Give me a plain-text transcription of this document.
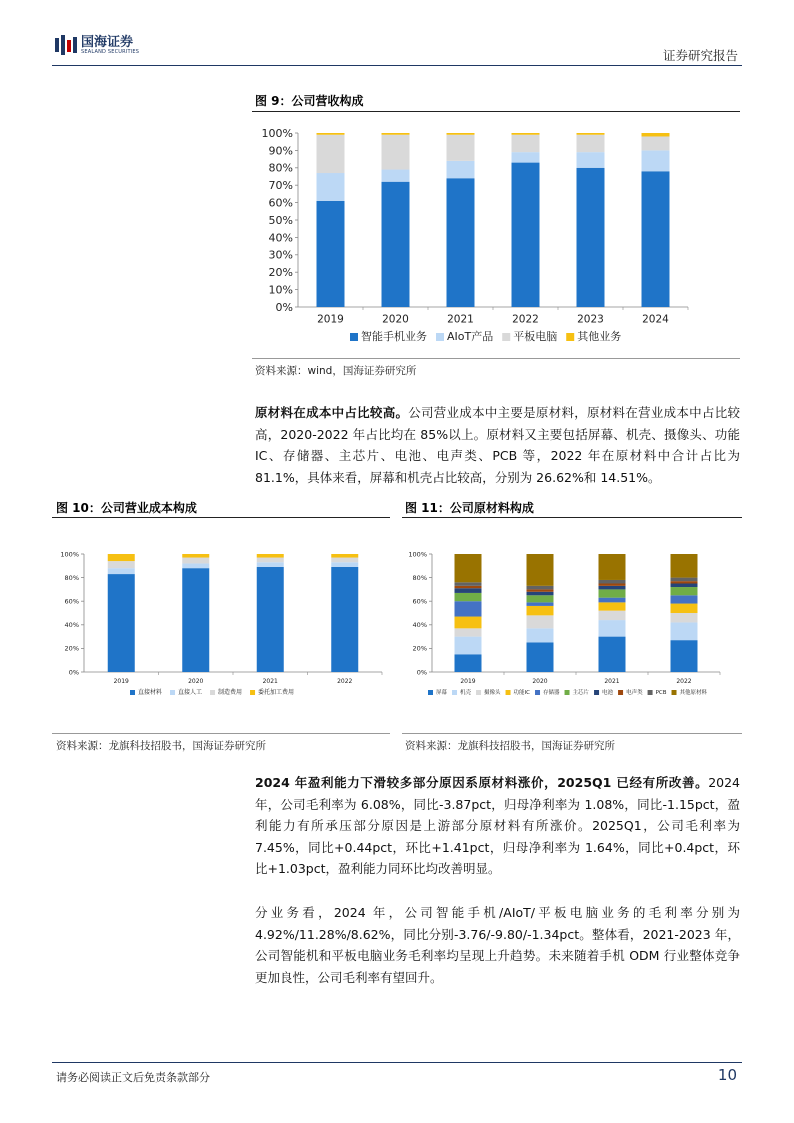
国海证券
SEALAND SECURITIES	证券研究报告
图 9：公司营收构成
0%
10%
20%
30%
40%
50%
60%
70%
80%
90%
100%
2019	2020	2021	2022	2023	2024
智能手机业务 AIoT产品 平板电脑 其他业务
资料来源：wind，国海证券研究所
原材料在成本中占比较高。公司营业成本中主要是原材料，原材料在营业成本中占比较高，2020-2022 年占比均在 85%以上。原材料又主要包括屏幕、机壳、摄像头、功能 IC、存储器、主芯片、电池、电声类、PCB 等，2022 年在原材料中合计占比为 81.1%，具体来看，屏幕和机壳占比较高，分别为 26.62%和 14.51%。
图 10：公司营业成本构成
0%
20%
40%
60%
80%
100%
2019	2020	2021	2022
直接材料	直接人工	制造费用	委托加工费用
资料来源：龙旗科技招股书，国海证券研究所
图 11：公司原材料构成
0%
20%
40%
60%
80%
100%
2019	2020	2021	2022
屏幕 机壳 摄像头 功能IC 存储器 主芯片 电池 电声类 PCB 其他原材料
资料来源：龙旗科技招股书，国海证券研究所
2024 年盈利能力下滑较多部分原因系原材料涨价，2025Q1 已经有所改善。2024 年，公司毛利率为 6.08%，同比-3.87pct，归母净利率为 1.08%，同比-1.15pct，盈利能力有所承压部分原因是上游部分原材料有所涨价。2025Q1，公司毛利率为 7.45%，同比+0.44pct，环比+1.41pct，归母净利率为 1.64%，同比+0.4pct，环比+1.03pct，盈利能力同环比均改善明显。
分业务看，2024 年，公司智能手机/AIoT/平板电脑业务的毛利率分别为 4.92%/11.28%/8.62%，同比分别-3.76/-9.80/-1.34pct。整体看，2021-2023 年，公司智能机和平板电脑业务毛利率均呈现上升趋势。未来随着手机 ODM 行业整体竞争更加良性，公司毛利率有望回升。
请务必阅读正文后免责条款部分	10
